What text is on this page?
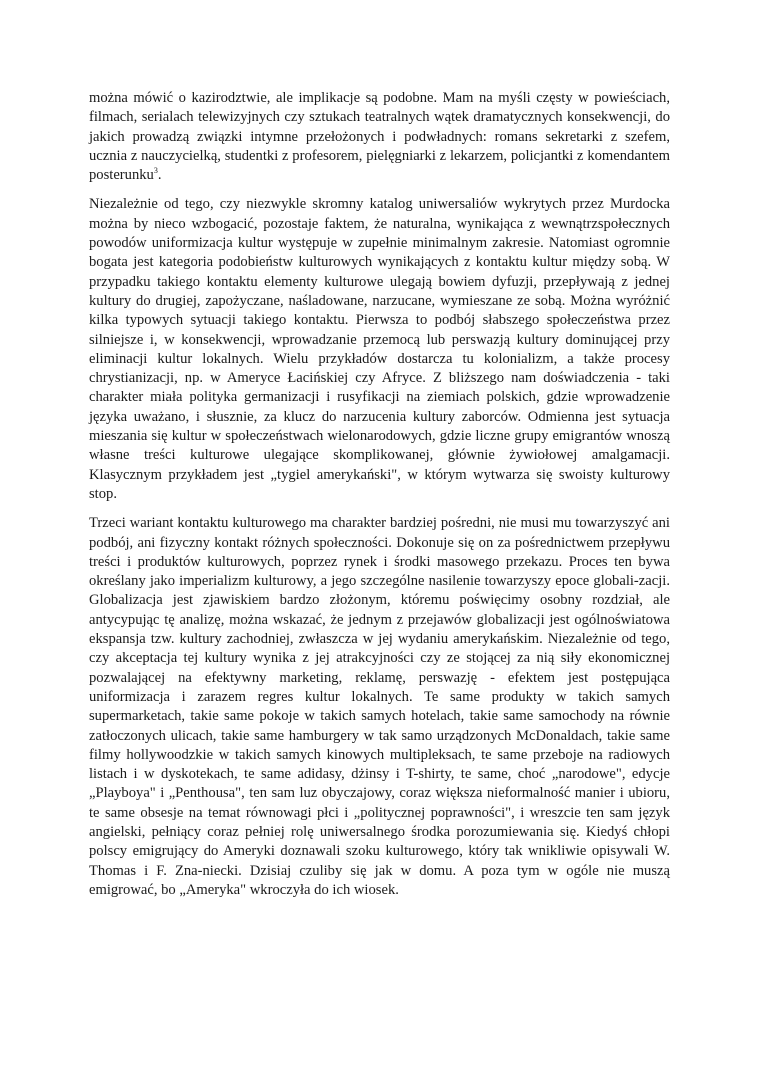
można mówić o kazirodztwie, ale implikacje są podobne. Mam na myśli częsty w powieściach, filmach, serialach telewizyjnych czy sztukach teatralnych wątek dramatycznych konsekwencji, do jakich prowadzą związki intymne przełożonych i podwładnych: romans sekretarki z szefem, ucznia z nauczycielką, studentki z profesorem, pielęgniarki z lekarzem, policjantki z komendantem posterunku$^3$.

Niezależnie od tego, czy niezwykle skromny katalog uniwersaliów wykrytych przez Murdocka można by nieco wzbogacić, pozostaje faktem, że naturalna, wynikająca z wewnątrzspołecznych powodów uniformizacja kultur występuje w zupełnie minimalnym zakresie. Natomiast ogromnie bogata jest kategoria podobieństw kulturowych wynikających z kontaktu kultur między sobą. W przypadku takiego kontaktu elementy kulturowe ulegają bowiem dyfuzji, przepływają z jednej kultury do drugiej, zapożyczane, naśladowane, narzucane, wymieszane ze sobą. Można wyróżnić kilka typowych sytuacji takiego kontaktu. Pierwsza to podbój słabszego społeczeństwa przez silniejsze i, w konsekwencji, wprowadzanie przemocą lub perswazją kultury dominującej przy eliminacji kultur lokalnych. Wielu przykładów dostarcza tu kolonializm, a także procesy chrystianizacji, np. w Ameryce Łacińskiej czy Afryce. Z bliższego nam doświadczenia - taki charakter miała polityka germanizacji i rusyfikacji na ziemiach polskich, gdzie wprowadzenie języka uważano, i słusznie, za klucz do narzucenia kultury zaborców. Odmienna jest sytuacja mieszania się kultur w społeczeństwach wielonarodowych, gdzie liczne grupy emigrantów wnoszą własne treści kulturowe ulegające skomplikowanej, głównie żywiołowej amalgamacji. Klasycznym przykładem jest „tygiel amerykański", w którym wytwarza się swoisty kulturowy stop.

Trzeci wariant kontaktu kulturowego ma charakter bardziej pośredni, nie musi mu towarzyszyć ani podbój, ani fizyczny kontakt różnych społeczności. Dokonuje się on za pośrednictwem przepływu treści i produktów kulturowych, poprzez rynek i środki masowego przekazu. Proces ten bywa określany jako imperializm kulturowy, a jego szczególne nasilenie towarzyszy epoce globali-zacji. Globalizacja jest zjawiskiem bardzo złożonym, któremu poświęcimy osobny rozdział, ale antycypując tę analizę, można wskazać, że jednym z przejawów globalizacji jest ogólnoświatowa ekspansja tzw. kultury zachodniej, zwłaszcza w jej wydaniu amerykańskim. Niezależnie od tego, czy akceptacja tej kultury wynika z jej atrakcyjności czy ze stojącej za nią siły ekonomicznej pozwalającej na efektywny marketing, reklamę, perswazję - efektem jest postępująca uniformizacja i zarazem regres kultur lokalnych. Te same produkty w takich samych supermarketach, takie same pokoje w takich samych hotelach, takie same samochody na równie zatłoczonych ulicach, takie same hamburgery w tak samo urządzonych McDonaldach, takie same filmy hollywoodzkie w takich samych kinowych multipleksach, te same przeboje na radiowych listach i w dyskotekach, te same adidasy, dżinsy i T-shirty, te same, choć „narodowe", edycje „Playboya" i „Penthousa", ten sam luz obyczajowy, coraz większa nieformalność manier i ubioru, te same obsesje na temat równowagi płci i „politycznej poprawności", i wreszcie ten sam język angielski, pełniący coraz pełniej rolę uniwersalnego środka porozumiewania się. Kiedyś chłopi polscy emigrujący do Ameryki doznawali szoku kulturowego, który tak wnikliwie opisywali W. Thomas i F. Zna-niecki. Dzisiaj czuliby się jak w domu. A poza tym w ogóle nie muszą emigrować, bo „Ameryka" wkroczyła do ich wiosek.
